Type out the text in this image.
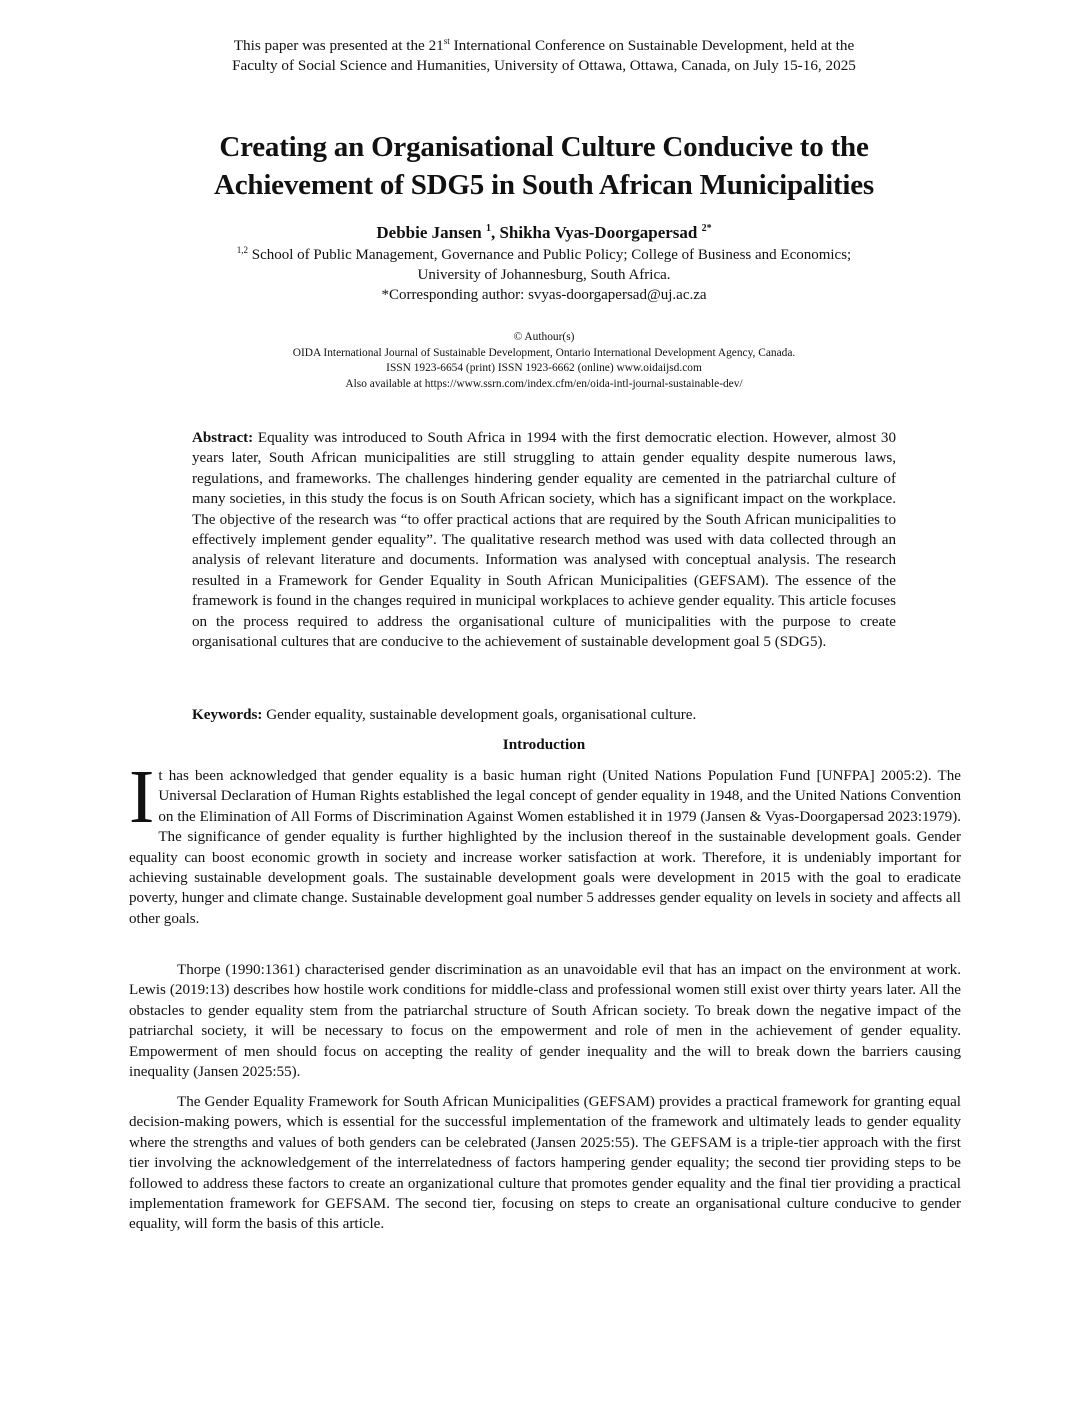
This paper was presented at the 21st International Conference on Sustainable Development, held at the
Faculty of Social Science and Humanities, University of Ottawa, Ottawa, Canada, on July 15-16, 2025
Creating an Organisational Culture Conducive to the
Achievement of SDG5 in South African Municipalities
Debbie Jansen $^1$, Shikha Vyas-Doorgapersad $^{2*}$
$^{1,2}$ School of Public Management, Governance and Public Policy; College of Business and Economics;
University of Johannesburg, South Africa.
*Corresponding author: svyas-doorgapersad@uj.ac.za
© Authour(s)
OIDA International Journal of Sustainable Development, Ontario International Development Agency, Canada.
ISSN 1923-6654 (print) ISSN 1923-6662 (online) www.oidaijsd.com
Also available at https://www.ssrn.com/index.cfm/en/oida-intl-journal-sustainable-dev/
Abstract: Equality was introduced to South Africa in 1994 with the first democratic election. However, almost 30 years later, South African municipalities are still struggling to attain gender equality despite numerous laws, regulations, and frameworks. The challenges hindering gender equality are cemented in the patriarchal culture of many societies, in this study the focus is on South African society, which has a significant impact on the workplace. The objective of the research was “to offer practical actions that are required by the South African municipalities to effectively implement gender equality”. The qualitative research method was used with data collected through an analysis of relevant literature and documents. Information was analysed with conceptual analysis. The research resulted in a Framework for Gender Equality in South African Municipalities (GEFSAM). The essence of the framework is found in the changes required in municipal workplaces to achieve gender equality. This article focuses on the process required to address the organisational culture of municipalities with the purpose to create organisational cultures that are conducive to the achievement of sustainable development goal 5 (SDG5).
Keywords: Gender equality, sustainable development goals, organisational culture.
Introduction

It has been acknowledged that gender equality is a basic human right (United Nations Population Fund [UNFPA] 2005:2). The Universal Declaration of Human Rights established the legal concept of gender equality in 1948, and the United Nations Convention on the Elimination of All Forms of Discrimination Against Women established it in 1979 (Jansen & Vyas-Doorgapersad 2023:1979). The significance of gender equality is further highlighted by the inclusion thereof in the sustainable development goals. Gender equality can boost economic growth in society and increase worker satisfaction at work. Therefore, it is undeniably important for achieving sustainable development goals. The sustainable development goals were development in 2015 with the goal to eradicate poverty, hunger and climate change. Sustainable development goal number 5 addresses gender equality on levels in society and affects all other goals.

Thorpe (1990:1361) characterised gender discrimination as an unavoidable evil that has an impact on the environment at work. Lewis (2019:13) describes how hostile work conditions for middle-class and professional women still exist over thirty years later. All the obstacles to gender equality stem from the patriarchal structure of South African society. To break down the negative impact of the patriarchal society, it will be necessary to focus on the empowerment and role of men in the achievement of gender equality. Empowerment of men should focus on accepting the reality of gender inequality and the will to break down the barriers causing inequality (Jansen 2025:55).

The Gender Equality Framework for South African Municipalities (GEFSAM) provides a practical framework for granting equal decision-making powers, which is essential for the successful implementation of the framework and ultimately leads to gender equality where the strengths and values of both genders can be celebrated (Jansen 2025:55). The GEFSAM is a triple-tier approach with the first tier involving the acknowledgement of the interrelatedness of factors hampering gender equality; the second tier providing steps to be followed to address these factors to create an organizational culture that promotes gender equality and the final tier providing a practical implementation framework for GEFSAM. The second tier, focusing on steps to create an organisational culture conducive to gender equality, will form the basis of this article.
